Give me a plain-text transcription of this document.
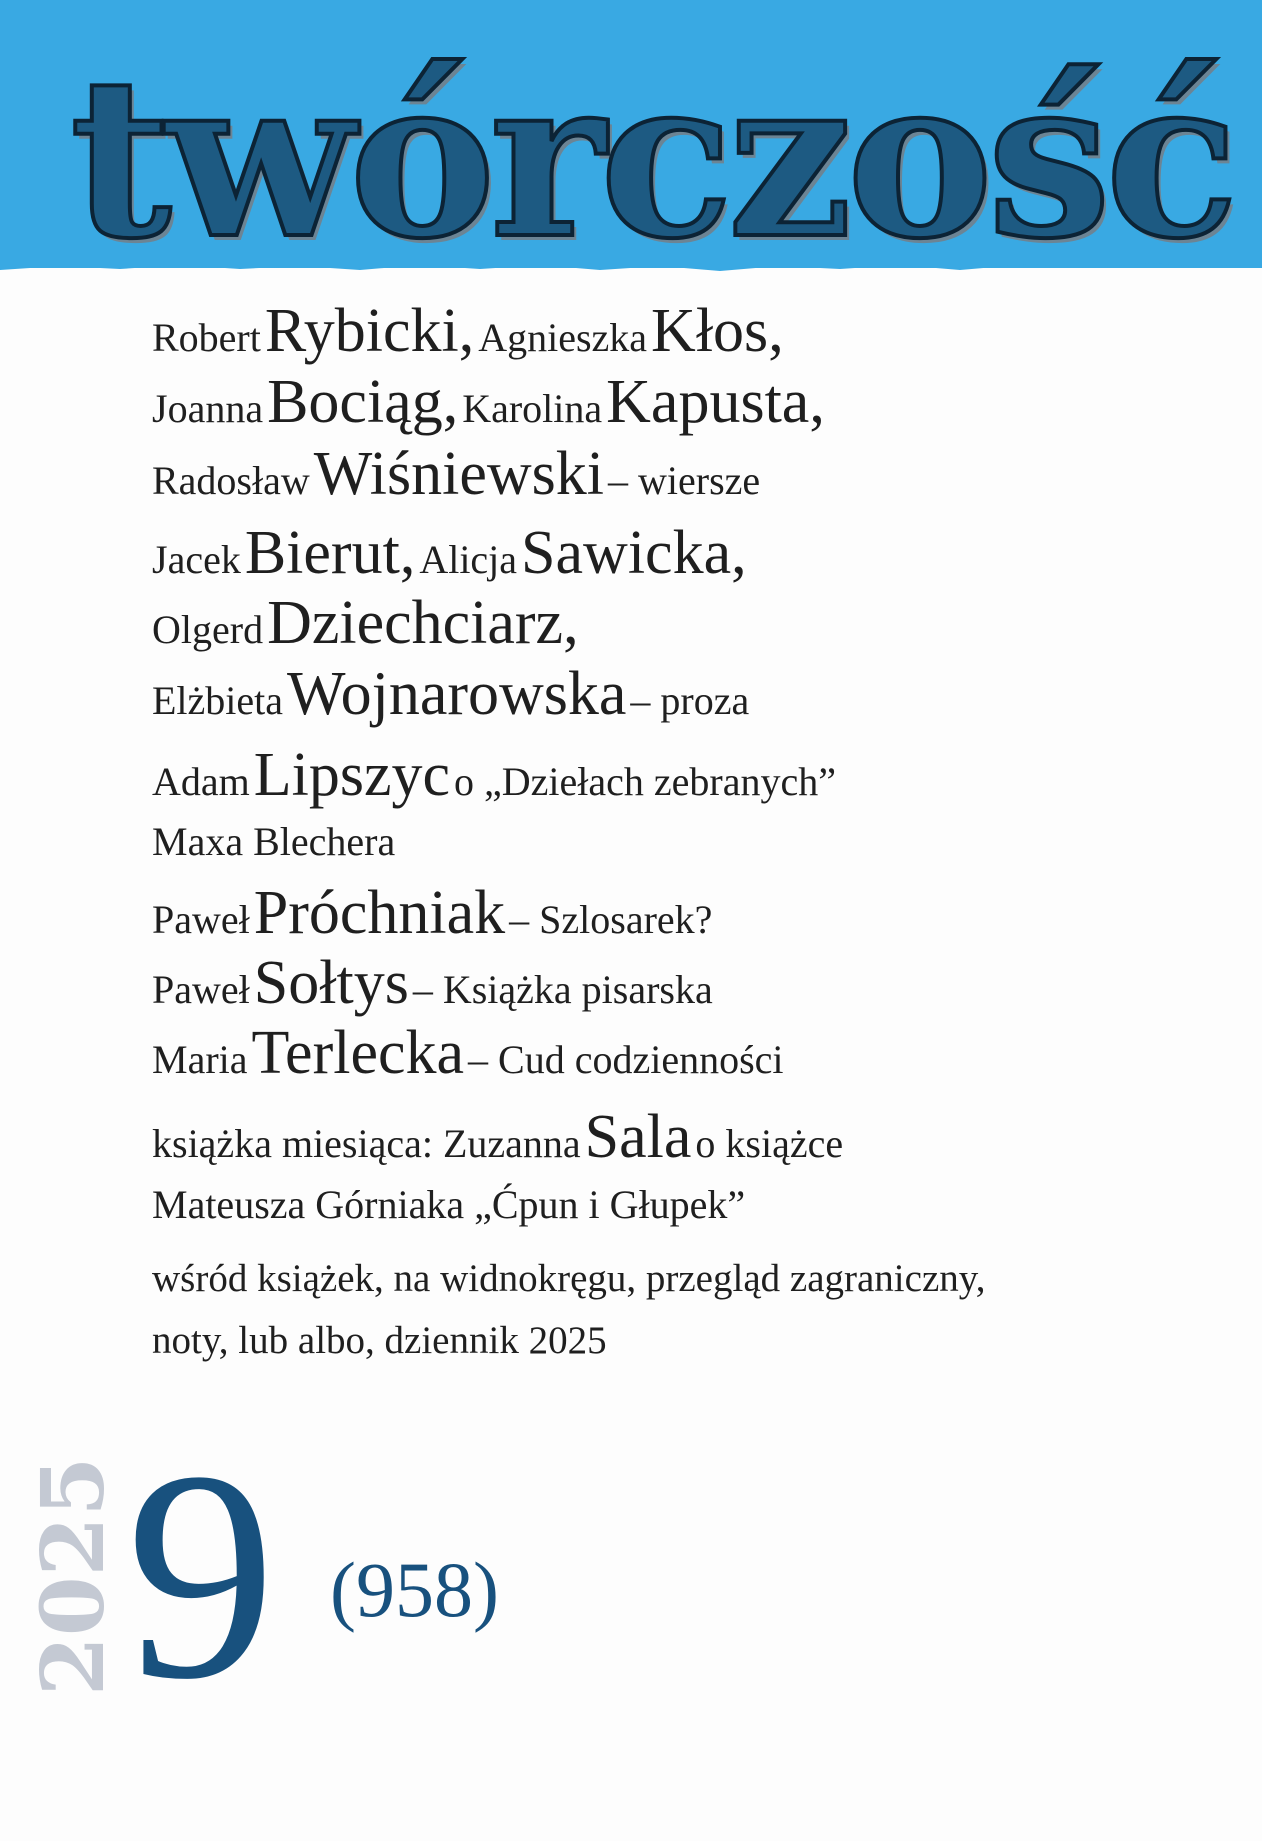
twórczość
Robert Rybicki, Agnieszka Kłos,
Joanna Bociąg, Karolina Kapusta,
Radosław Wiśniewski – wiersze
Jacek Bierut, Alicja Sawicka,
Olgerd Dziechciarz,
Elżbieta Wojnarowska – proza
Adam Lipszyc o „Dziełach zebranych”
Maxa Blechera
Paweł Próchniak – Szlosarek?
Paweł Sołtys – Książka pisarska
Maria Terlecka – Cud codzienności
książka miesiąca: Zuzanna Sala o książce
Mateusza Górniaka „Ćpun i Głupek”
wśród książek, na widnokręgu, przegląd zagraniczny,
noty, lub albo, dziennik 2025
2025 9 (958)
